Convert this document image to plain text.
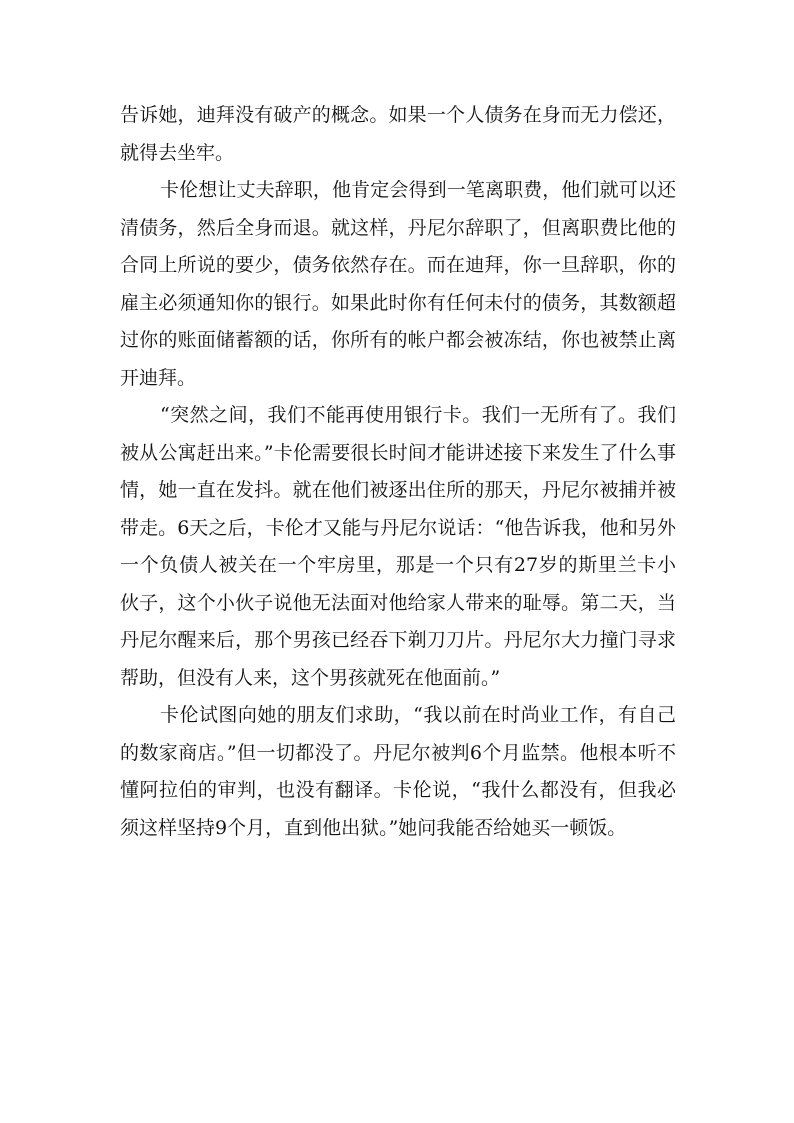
告诉她，迪拜没有破产的概念。如果一个人债务在身而无力偿还，就得去坐牢。

卡伦想让丈夫辞职，他肯定会得到一笔离职费，他们就可以还清债务，然后全身而退。就这样，丹尼尔辞职了，但离职费比他的合同上所说的要少，债务依然存在。而在迪拜，你一旦辞职，你的雇主必须通知你的银行。如果此时你有任何未付的债务，其数额超过你的账面储蓄额的话，你所有的帐户都会被冻结，你也被禁止离开迪拜。

“突然之间，我们不能再使用银行卡。我们一无所有了。我们被从公寓赶出来。”卡伦需要很长时间才能讲述接下来发生了什么事情，她一直在发抖。就在他们被逐出住所的那天，丹尼尔被捕并被带走。6天之后，卡伦才又能与丹尼尔说话：“他告诉我，他和另外一个负债人被关在一个牢房里，那是一个只有27岁的斯里兰卡小伙子，这个小伙子说他无法面对他给家人带来的耻辱。第二天，当丹尼尔醒来后，那个男孩已经吞下剃刀刀片。丹尼尔大力撞门寻求帮助，但没有人来，这个男孩就死在他面前。”

卡伦试图向她的朋友们求助，“我以前在时尚业工作，有自己的数家商店。”但一切都没了。丹尼尔被判6个月监禁。他根本听不懂阿拉伯的审判，也没有翻译。卡伦说，“我什么都没有，但我必须这样坚持9个月，直到他出狱。”她问我能否给她买一顿饭。
